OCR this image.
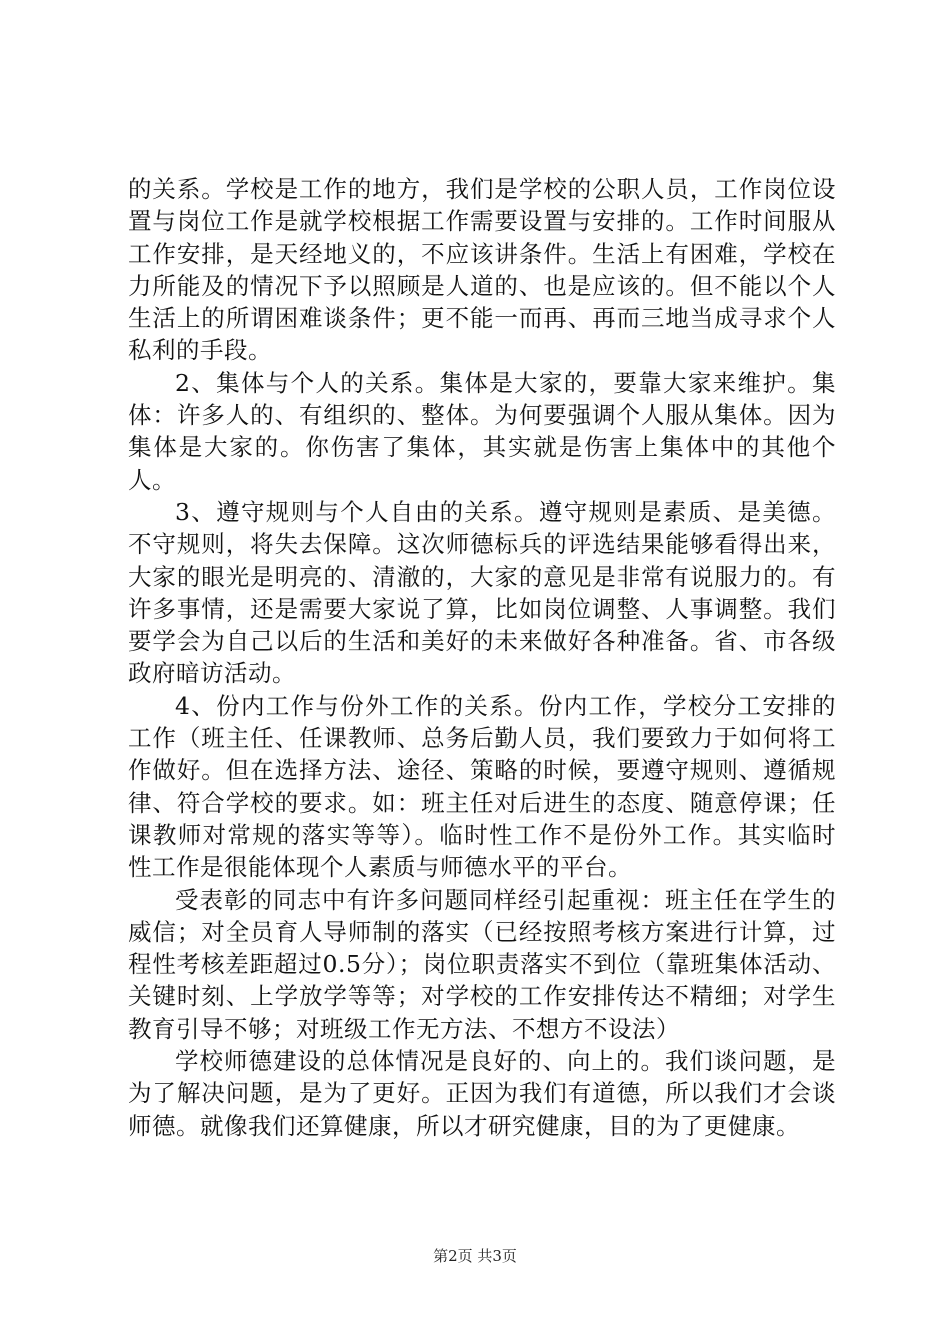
的关系。学校是工作的地方，我们是学校的公职人员，工作岗位设置与岗位工作是就学校根据工作需要设置与安排的。工作时间服从工作安排，是天经地义的，不应该讲条件。生活上有困难，学校在力所能及的情况下予以照顾是人道的、也是应该的。但不能以个人生活上的所谓困难谈条件；更不能一而再、再而三地当成寻求个人私利的手段。

2、集体与个人的关系。集体是大家的，要靠大家来维护。集体：许多人的、有组织的、整体。为何要强调个人服从集体。因为集体是大家的。你伤害了集体，其实就是伤害上集体中的其他个人。

3、遵守规则与个人自由的关系。遵守规则是素质、是美德。不守规则，将失去保障。这次师德标兵的评选结果能够看得出来，大家的眼光是明亮的、清澈的，大家的意见是非常有说服力的。有许多事情，还是需要大家说了算，比如岗位调整、人事调整。我们要学会为自己以后的生活和美好的未来做好各种准备。省、市各级政府暗访活动。

4、份内工作与份外工作的关系。份内工作，学校分工安排的工作（班主任、任课教师、总务后勤人员，我们要致力于如何将工作做好。但在选择方法、途径、策略的时候，要遵守规则、遵循规律、符合学校的要求。如：班主任对后进生的态度、随意停课；任课教师对常规的落实等等）。临时性工作不是份外工作。其实临时性工作是很能体现个人素质与师德水平的平台。

受表彰的同志中有许多问题同样经引起重视：班主任在学生的威信；对全员育人导师制的落实（已经按照考核方案进行计算，过程性考核差距超过0.5分）；岗位职责落实不到位（靠班集体活动、关键时刻、上学放学等等；对学校的工作安排传达不精细；对学生教育引导不够；对班级工作无方法、不想方不设法）

学校师德建设的总体情况是良好的、向上的。我们谈问题，是为了解决问题，是为了更好。正因为我们有道德，所以我们才会谈师德。就像我们还算健康，所以才研究健康，目的为了更健康。

第2页 共3页
